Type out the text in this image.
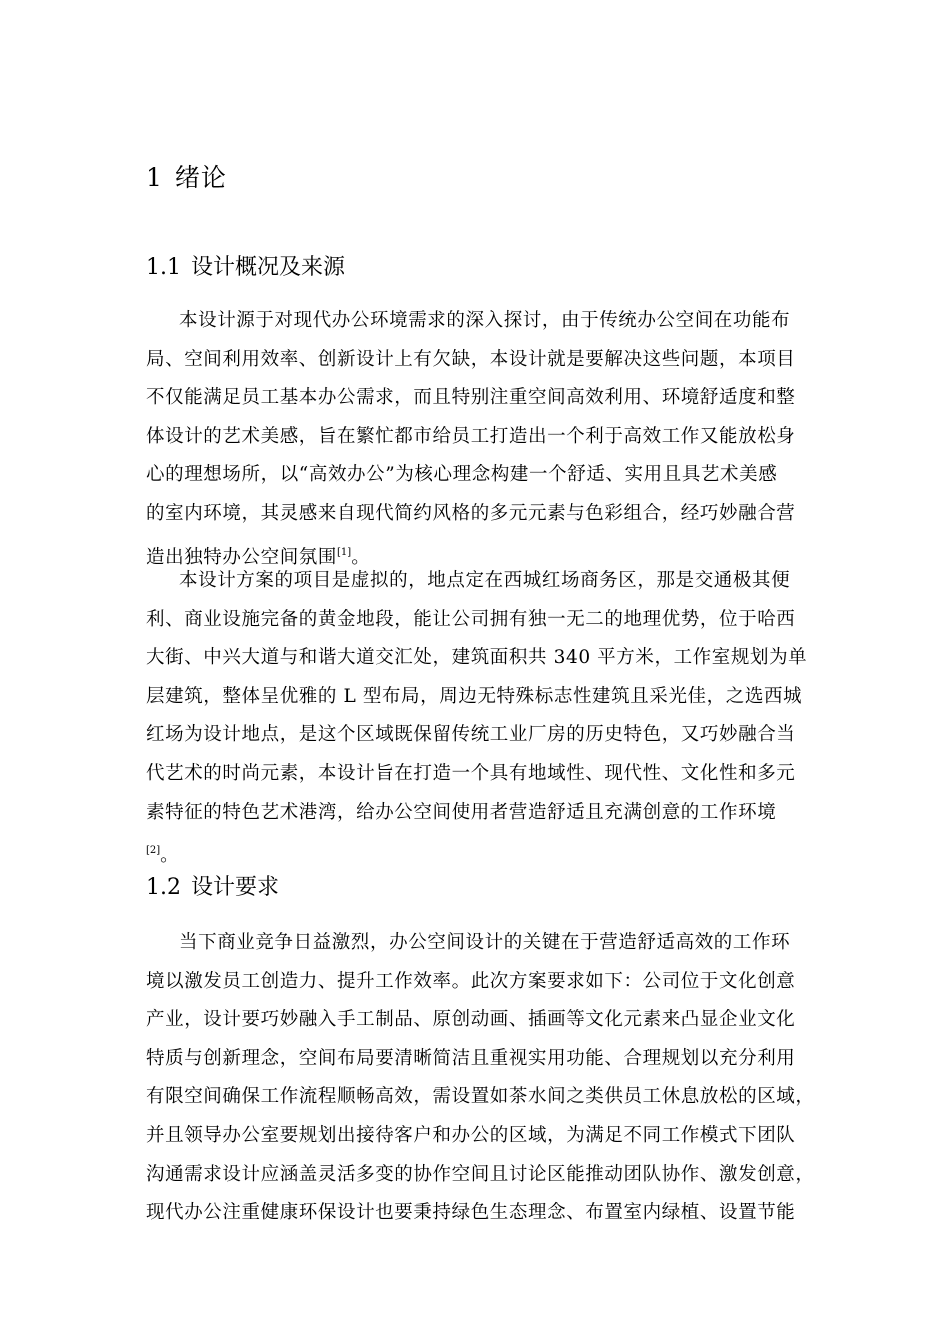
1 绪论
1.1 设计概况及来源
本设计源于对现代办公环境需求的深入探讨，由于传统办公空间在功能布
局、空间利用效率、创新设计上有欠缺，本设计就是要解决这些问题，本项目
不仅能满足员工基本办公需求，而且特别注重空间高效利用、环境舒适度和整
体设计的艺术美感，旨在繁忙都市给员工打造出一个利于高效工作又能放松身
心的理想场所，以“高效办公”为核心理念构建一个舒适、实用且具艺术美感
的室内环境，其灵感来自现代简约风格的多元元素与色彩组合，经巧妙融合营
造出独特办公空间氛围[1]。
本设计方案的项目是虚拟的，地点定在西城红场商务区，那是交通极其便
利、商业设施完备的黄金地段，能让公司拥有独一无二的地理优势，位于哈西
大街、中兴大道与和谐大道交汇处，建筑面积共 340 平方米，工作室规划为单
层建筑，整体呈优雅的 L 型布局，周边无特殊标志性建筑且采光佳，之选西城
红场为设计地点，是这个区域既保留传统工业厂房的历史特色，又巧妙融合当
代艺术的时尚元素，本设计旨在打造一个具有地域性、现代性、文化性和多元
素特征的特色艺术港湾，给办公空间使用者营造舒适且充满创意的工作环境
[2]。
1.2 设计要求
当下商业竞争日益激烈，办公空间设计的关键在于营造舒适高效的工作环
境以激发员工创造力、提升工作效率。此次方案要求如下：公司位于文化创意
产业，设计要巧妙融入手工制品、原创动画、插画等文化元素来凸显企业文化
特质与创新理念，空间布局要清晰简洁且重视实用功能、合理规划以充分利用
有限空间确保工作流程顺畅高效，需设置如茶水间之类供员工休息放松的区域，
并且领导办公室要规划出接待客户和办公的区域，为满足不同工作模式下团队
沟通需求设计应涵盖灵活多变的协作空间且讨论区能推动团队协作、激发创意，
现代办公注重健康环保设计也要秉持绿色生态理念、布置室内绿植、设置节能
